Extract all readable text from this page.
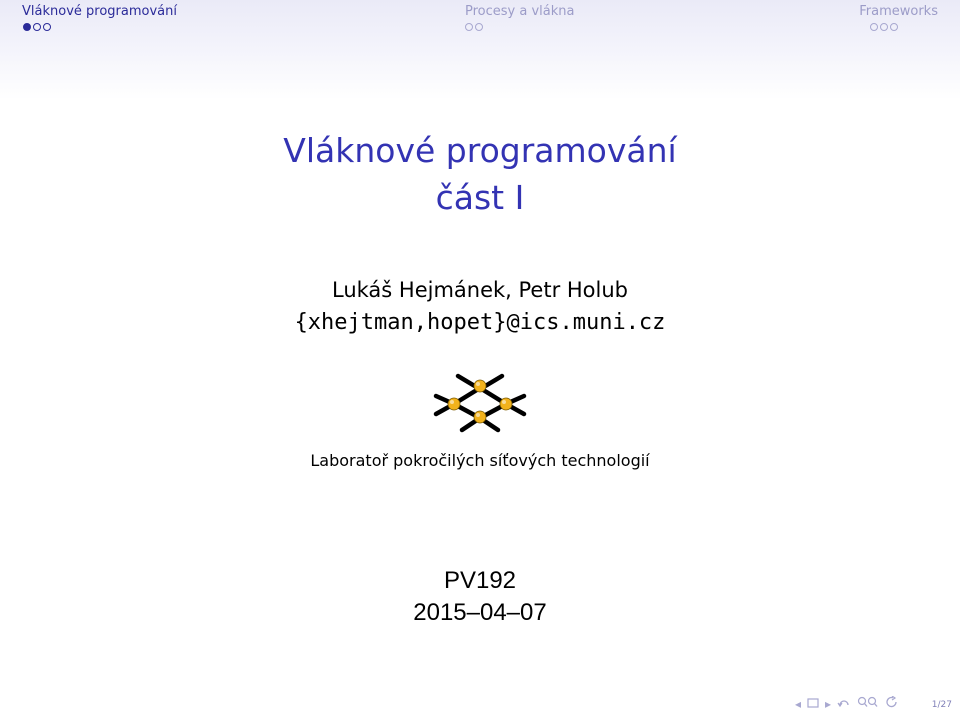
Vláknové programování	Procesy a vlákna	Frameworks
Vláknové programování
část I
Lukáš Hejmánek, Petr Holub
{xhejtman,hopet}@ics.muni.cz
Laboratoř pokročilých síťových technologií
PV192
2015–04–07
◂ ▸	1/27
